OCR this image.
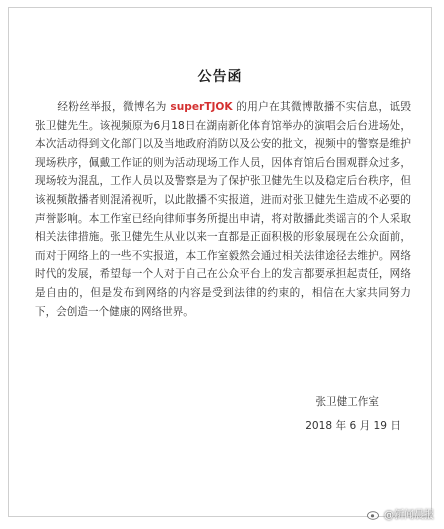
公告函
经粉丝举报，微博名为 superTJOK 的用户在其微博散播不实信息，诋毁张卫健先生。该视频原为6月18日在湖南新化体育馆举办的演唱会后台进场处，本次活动得到文化部门以及当地政府消防以及公安的批文，视频中的警察是维护现场秩序，佩戴工作证的则为活动现场工作人员，因体育馆后台围观群众过多，现场较为混乱，工作人员以及警察是为了保护张卫健先生以及稳定后台秩序，但该视频散播者则混淆视听，以此散播不实报道，进而对张卫健先生造成不必要的声誉影响。本工作室已经向律师事务所提出申请，将对散播此类谣言的个人采取相关法律措施。张卫健先生从业以来一直都是正面积极的形象展现在公众面前，而对于网络上的一些不实报道，本工作室毅然会通过相关法律途径去维护。网络时代的发展，希望每一个人对于自己在公众平台上的发言都要承担起责任，网络是自由的，但是发布到网络的内容是受到法律的约束的，相信在大家共同努力下，会创造一个健康的网络世界。
张卫健工作室
2018 年 6 月 19 日
@新闻晨报
